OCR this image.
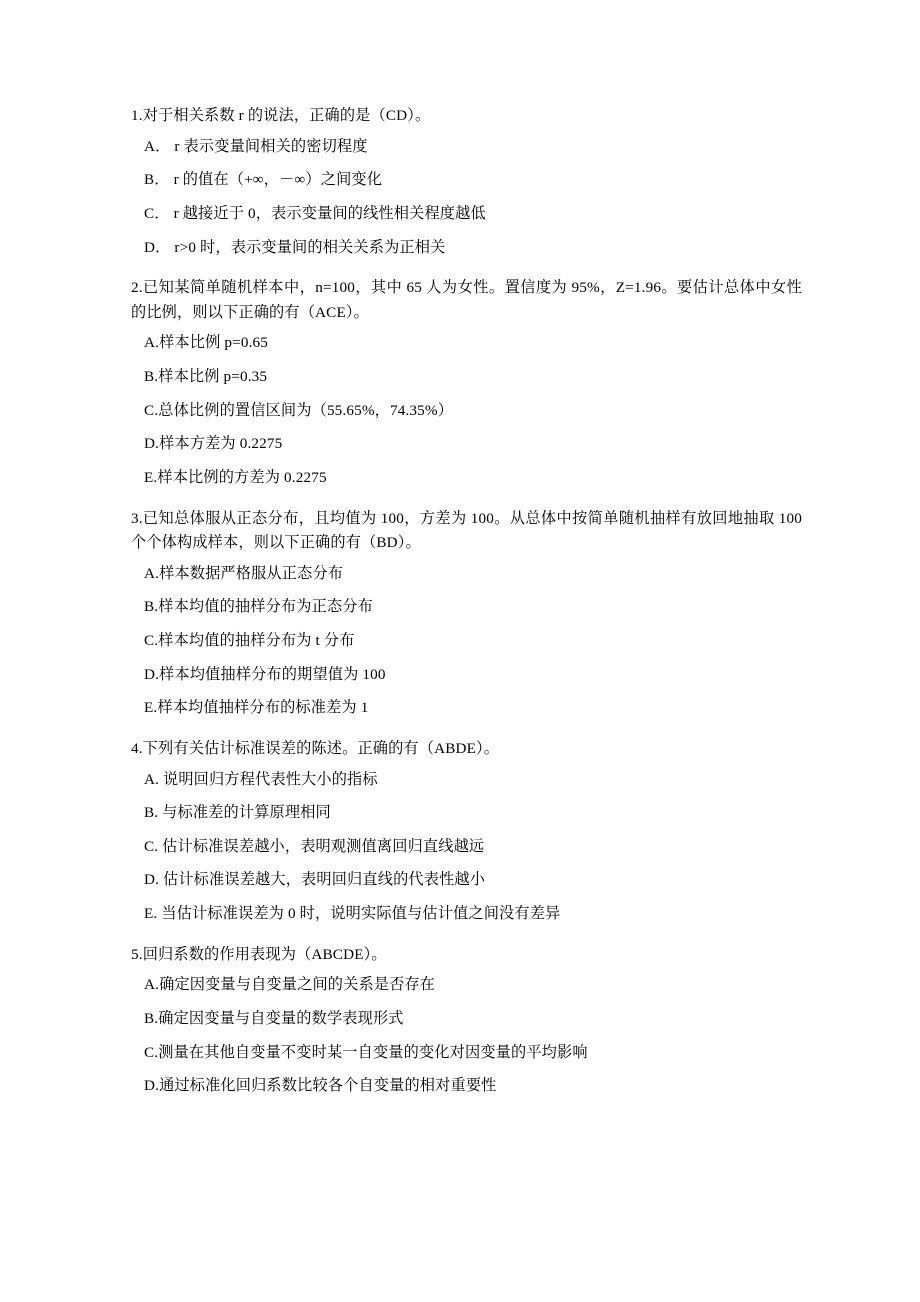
1.对于相关系数 r 的说法，正确的是（CD）。

A． r 表示变量间相关的密切程度
B． r 的值在（+∞，－∞）之间变化
C． r 越接近于 0，表示变量间的线性相关程度越低
D． r>0 时，表示变量间的相关关系为正相关

2.已知某简单随机样本中，n=100，其中 65 人为女性。置信度为 95%，Z=1.96。要估计总体中女性的比例，则以下正确的有（ACE）。

A.样本比例 p=0.65
B.样本比例 p=0.35
C.总体比例的置信区间为（55.65%，74.35%）
D.样本方差为 0.2275
E.样本比例的方差为 0.2275

3.已知总体服从正态分布，且均值为 100，方差为 100。从总体中按简单随机抽样有放回地抽取 100 个个体构成样本，则以下正确的有（BD）。

A.样本数据严格服从正态分布
B.样本均值的抽样分布为正态分布
C.样本均值的抽样分布为 t 分布
D.样本均值抽样分布的期望值为 100
E.样本均值抽样分布的标准差为 1

4.下列有关估计标准误差的陈述。正确的有（ABDE）。

A. 说明回归方程代表性大小的指标
B. 与标准差的计算原理相同
C. 估计标准误差越小，表明观测值离回归直线越远
D. 估计标准误差越大，表明回归直线的代表性越小
E. 当估计标准误差为 0 时，说明实际值与估计值之间没有差异

5.回归系数的作用表现为（ABCDE）。

A.确定因变量与自变量之间的关系是否存在
B.确定因变量与自变量的数学表现形式
C.测量在其他自变量不变时某一自变量的变化对因变量的平均影响
D.通过标准化回归系数比较各个自变量的相对重要性
